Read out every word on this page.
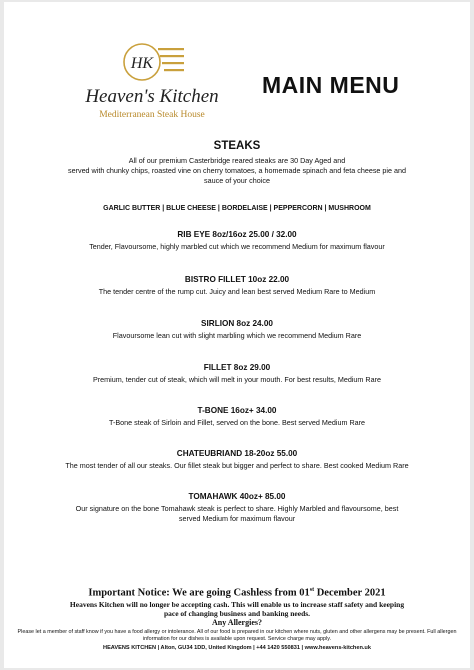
HK
Heaven's Kitchen
Mediterranean Steak House
MAIN MENU
STEAKS
All of our premium Casterbridge reared steaks are 30 Day Aged and
served with chunky chips, roasted vine on cherry tomatoes, a homemade spinach and feta cheese pie and sauce of your choice
GARLIC BUTTER | BLUE CHEESE | BORDELAISE | PEPPERCORN | MUSHROOM
RIB EYE 8oz/16oz 25.00 / 32.00
Tender, Flavoursome, highly marbled cut which we recommend Medium for maximum flavour
BISTRO FILLET 10oz 22.00
The tender centre of the rump cut. Juicy and lean best served Medium Rare to Medium
SIRLION 8oz 24.00
Flavoursome lean cut with slight marbling which we recommend Medium Rare
FILLET 8oz 29.00
Premium, tender cut of steak, which will melt in your mouth. For best results, Medium Rare
T-BONE 16oz+ 34.00
T-Bone steak of Sirloin and Fillet, served on the bone. Best served Medium Rare
CHATEUBRIAND 18-20oz 55.00
The most tender of all our steaks. Our fillet steak but bigger and perfect to share. Best cooked Medium Rare
TOMAHAWK 40oz+ 85.00
Our signature on the bone Tomahawk steak is perfect to share. Highly Marbled and flavoursome, best served Medium for maximum flavour
Important Notice: We are going Cashless from 01st December 2021
Heavens Kitchen will no longer be accepting cash. This will enable us to increase staff safety and keeping pace of changing business and banking needs.
Any Allergies?
Please let a member of staff know if you have a food allergy or intolerance. All of our food is prepared in our kitchen where nuts, gluten and other allergens may be present. Full allergen information for our dishes is available upon request. Service charge may apply.
HEAVENS KITCHEN | Alton, GU34 1DD, United Kingdom | +44 1420 550831 | www.heavens-kitchen.uk
